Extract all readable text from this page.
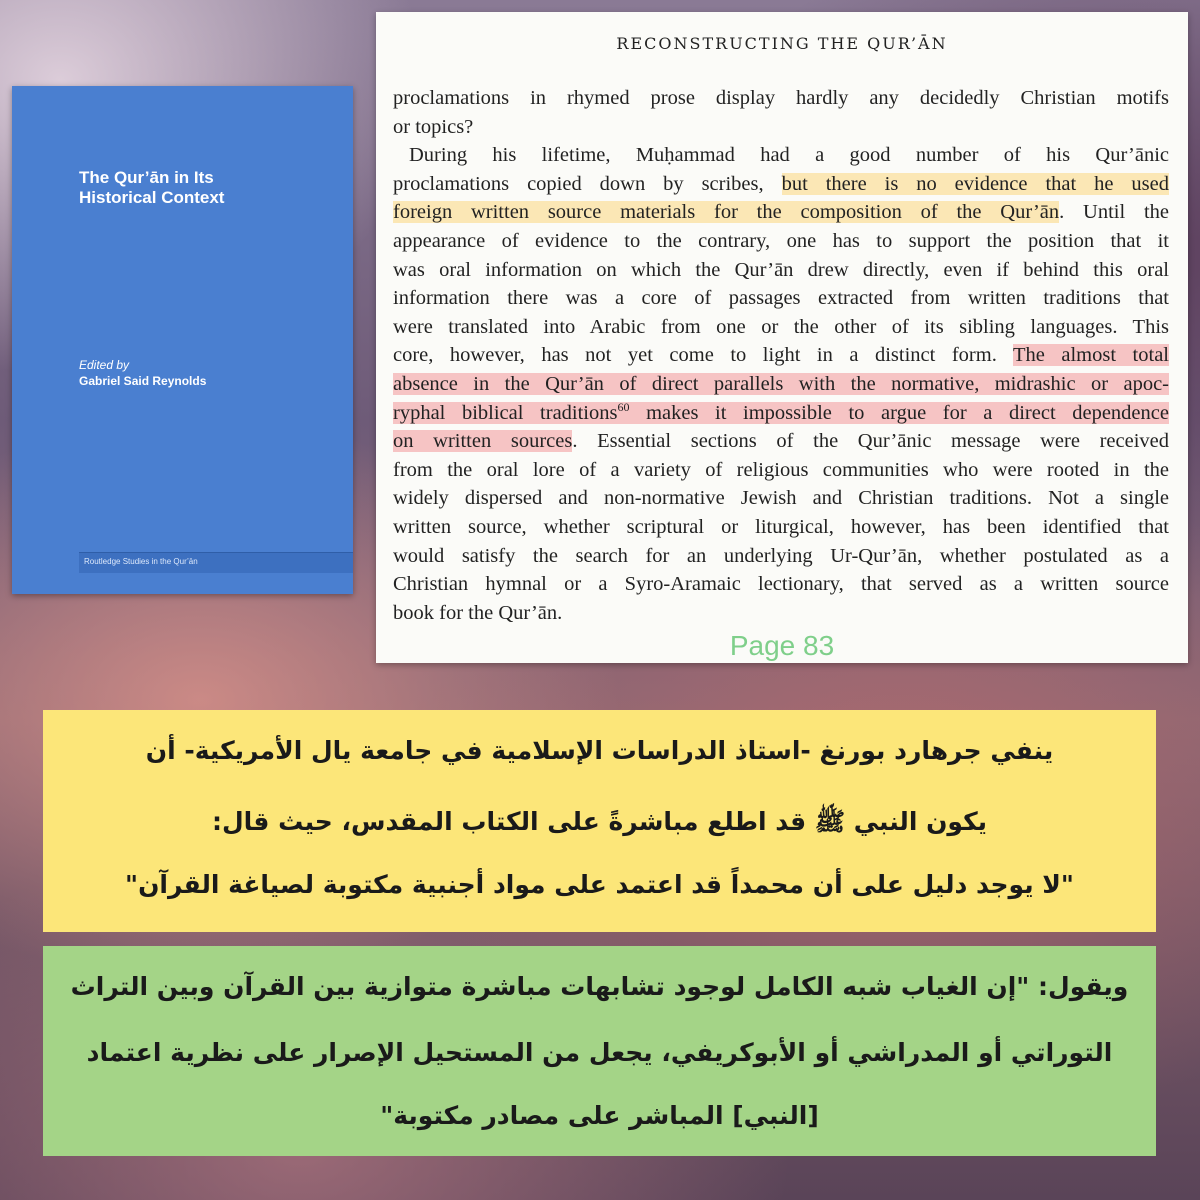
The Qur’ān in Its
Historical Context
Edited by
Gabriel Said Reynolds
Routledge Studies in the Qur’ān
RECONSTRUCTING THE QUR’ĀN
proclamations in rhymed prose display hardly any decidedly Christian motifs
or topics?
During his lifetime, Muḥammad had a good number of his Qur’ānic
proclamations copied down by scribes, but there is no evidence that he used
foreign written source materials for the composition of the Qur’ān. Until the
appearance of evidence to the contrary, one has to support the position that it
was oral information on which the Qur’ān drew directly, even if behind this oral
information there was a core of passages extracted from written traditions that
were translated into Arabic from one or the other of its sibling languages. This
core, however, has not yet come to light in a distinct form. The almost total
absence in the Qur’ān of direct parallels with the normative, midrashic or apoc-
ryphal biblical traditions$^{60}$ makes it impossible to argue for a direct dependence
on written sources. Essential sections of the Qur’ānic message were received
from the oral lore of a variety of religious communities who were rooted in the
widely dispersed and non-normative Jewish and Christian traditions. Not a single
written source, whether scriptural or liturgical, however, has been identified that
would satisfy the search for an underlying Ur-Qur’ān, whether postulated as a
Christian hymnal or a Syro-Aramaic lectionary, that served as a written source
book for the Qur’ān.
Page 83
ينفي جرهارد بورنغ -استاذ الدراسات الإسلامية في جامعة يال الأمريكية- أن
يكون النبي ﷺ قد اطلع مباشرةً على الكتاب المقدس، حيث قال:
"لا يوجد دليل على أن محمداً قد اعتمد على مواد أجنبية مكتوبة لصياغة القرآن"
ويقول: "إن الغياب شبه الكامل لوجود تشابهات مباشرة متوازية بين القرآن وبين التراث
التوراتي أو المدراشي أو الأبوكريفي، يجعل من المستحيل الإصرار على نظرية اعتماد
[النبي] المباشر على مصادر مكتوبة"
